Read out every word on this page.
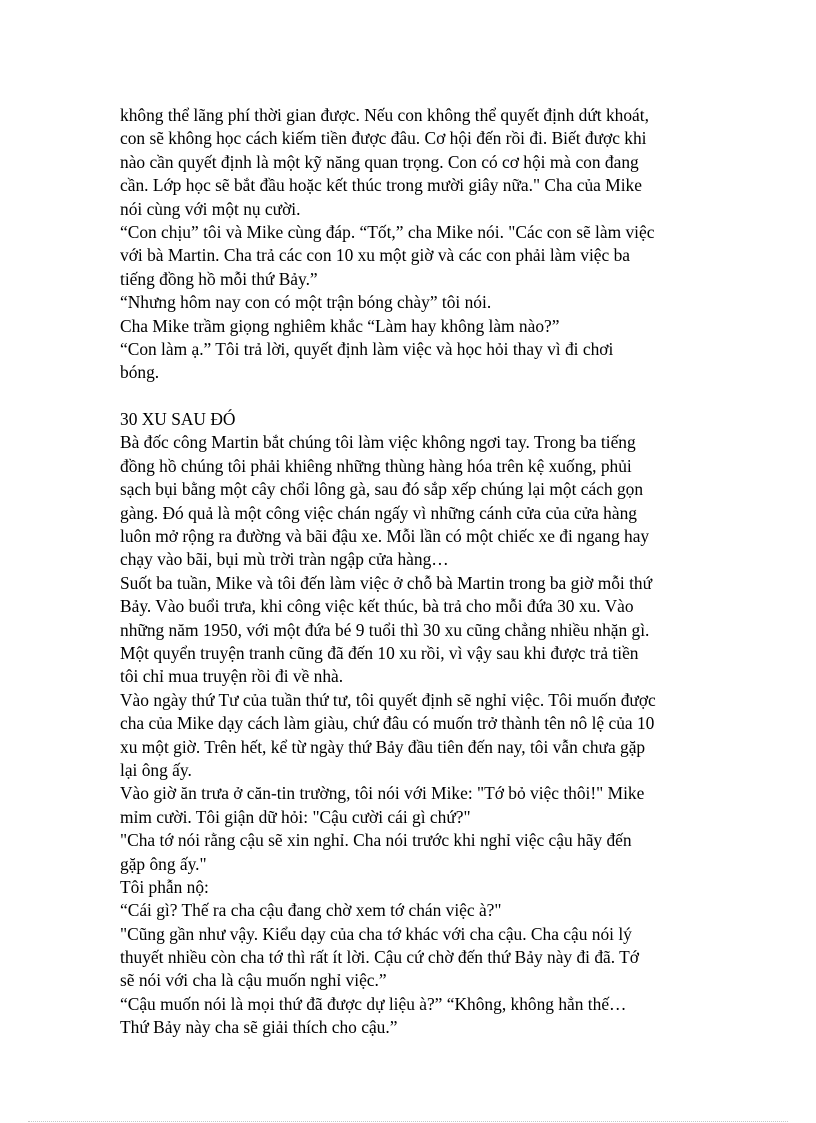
không thể lãng phí thời gian được. Nếu con không thể quyết định dứt khoát,
con sẽ không học cách kiếm tiền được đâu. Cơ hội đến rồi đi. Biết được khi
nào cần quyết định là một kỹ năng quan trọng. Con có cơ hội mà con đang
cần. Lớp học sẽ bắt đầu hoặc kết thúc trong mười giây nữa." Cha của Mike
nói cùng với một nụ cười.
“Con chịu” tôi và Mike cùng đáp. “Tốt,” cha Mike nói. "Các con sẽ làm việc
với bà Martin. Cha trả các con 10 xu một giờ và các con phải làm việc ba
tiếng đồng hồ mỗi thứ Bảy.”
“Nhưng hôm nay con có một trận bóng chày” tôi nói.
Cha Mike trầm giọng nghiêm khắc “Làm hay không làm nào?”
“Con làm ạ.” Tôi trả lời, quyết định làm việc và học hỏi thay vì đi chơi
bóng.
30 XU SAU ĐÓ
Bà đốc công Martin bắt chúng tôi làm việc không ngơi tay. Trong ba tiếng
đồng hồ chúng tôi phải khiêng những thùng hàng hóa trên kệ xuống, phủi
sạch bụi bằng một cây chổi lông gà, sau đó sắp xếp chúng lại một cách gọn
gàng. Đó quả là một công việc chán ngấy vì những cánh cửa của cửa hàng
luôn mở rộng ra đường và bãi đậu xe. Mỗi lần có một chiếc xe đi ngang hay
chạy vào bãi, bụi mù trời tràn ngập cửa hàng…
Suốt ba tuần, Mike và tôi đến làm việc ở chỗ bà Martin trong ba giờ mỗi thứ
Bảy. Vào buổi trưa, khi công việc kết thúc, bà trả cho mỗi đứa 30 xu. Vào
những năm 1950, với một đứa bé 9 tuổi thì 30 xu cũng chẳng nhiều nhặn gì.
Một quyển truyện tranh cũng đã đến 10 xu rồi, vì vậy sau khi được trả tiền
tôi chỉ mua truyện rồi đi về nhà.
Vào ngày thứ Tư của tuần thứ tư, tôi quyết định sẽ nghỉ việc. Tôi muốn được
cha của Mike dạy cách làm giàu, chứ đâu có muốn trở thành tên nô lệ của 10
xu một giờ. Trên hết, kể từ ngày thứ Bảy đầu tiên đến nay, tôi vẫn chưa gặp
lại ông ấy.
Vào giờ ăn trưa ở căn-tin trường, tôi nói với Mike: "Tớ bỏ việc thôi!" Mike
mỉm cười. Tôi giận dữ hỏi: "Cậu cười cái gì chứ?"
"Cha tớ nói rằng cậu sẽ xin nghỉ. Cha nói trước khi nghỉ việc cậu hãy đến
gặp ông ấy."
Tôi phẫn nộ:
“Cái gì? Thế ra cha cậu đang chờ xem tớ chán việc à?"
"Cũng gần như vậy. Kiểu dạy của cha tớ khác với cha cậu. Cha cậu nói lý
thuyết nhiều còn cha tớ thì rất ít lời. Cậu cứ chờ đến thứ Bảy này đi đã. Tớ
sẽ nói với cha là cậu muốn nghỉ việc.”
“Cậu muốn nói là mọi thứ đã được dự liệu à?” “Không, không hẳn thế…
Thứ Bảy này cha sẽ giải thích cho cậu.”
